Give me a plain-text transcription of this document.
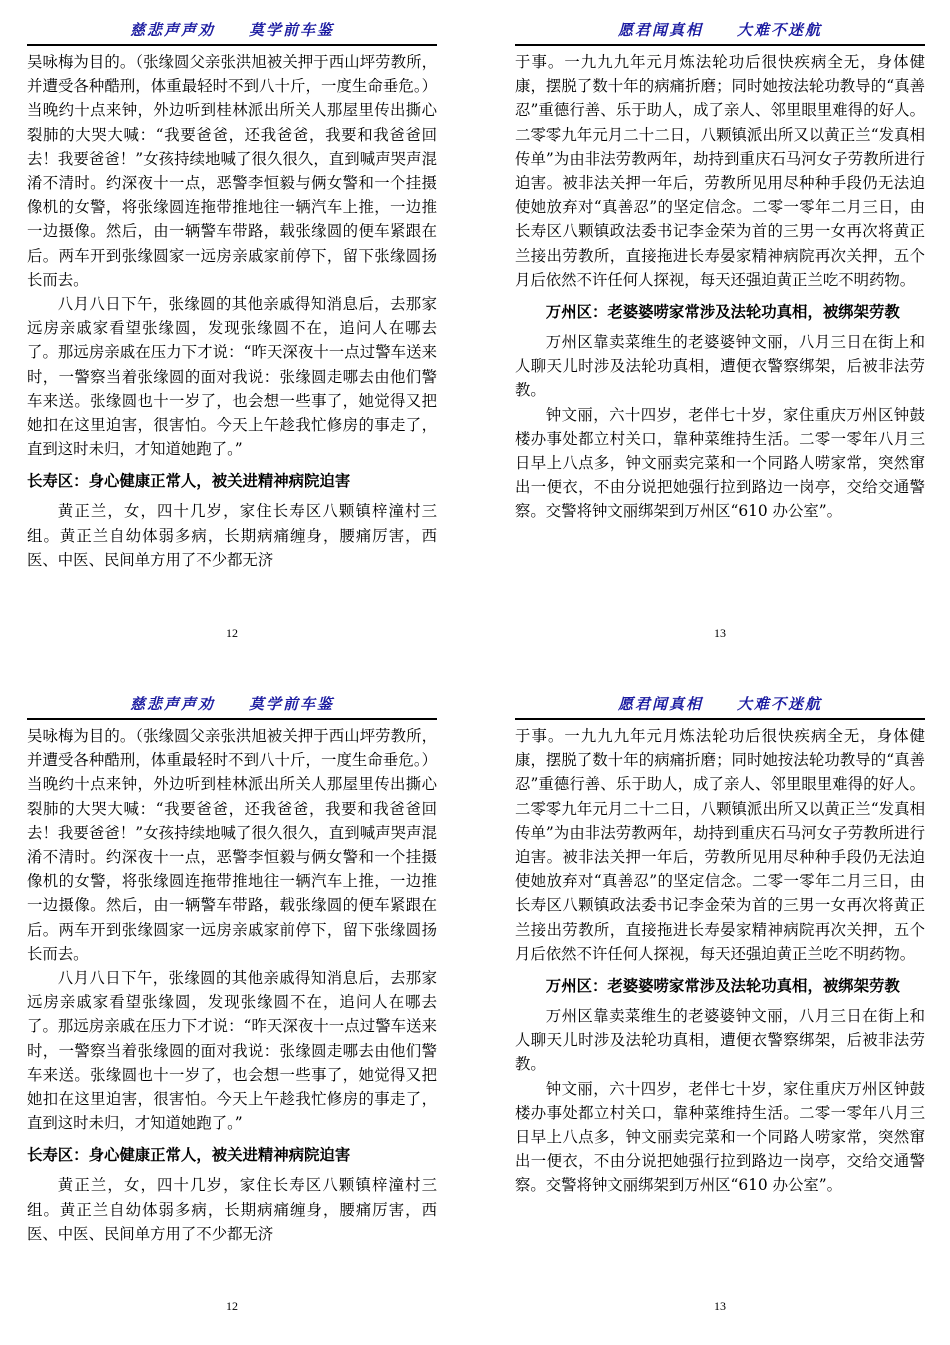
慈悲声声劝 莫学前车鉴

吴咏梅为目的。（张缘圆父亲张洪旭被关押于西山坪劳教所，并遭受各种酷刑，体重最轻时不到八十斤，一度生命垂危。）当晚约十点来钟，外边听到桂林派出所关人那屋里传出撕心裂肺的大哭大喊：“我要爸爸，还我爸爸，我要和我爸爸回去！我要爸爸！”女孩持续地喊了很久很久，直到喊声哭声混淆不清时。约深夜十一点，恶警李恒毅与俩女警和一个挂摄像机的女警，将张缘圆连拖带推地往一辆汽车上推，一边推一边摄像。然后，由一辆警车带路，载张缘圆的便车紧跟在后。两车开到张缘圆家一远房亲戚家前停下，留下张缘圆扬长而去。

八月八日下午，张缘圆的其他亲戚得知消息后，去那家远房亲戚家看望张缘圆，发现张缘圆不在，追问人在哪去了。那远房亲戚在压力下才说：“昨天深夜十一点过警车送来时，一警察当着张缘圆的面对我说：张缘圆走哪去由他们警车来送。张缘圆也十一岁了，也会想一些事了，她觉得又把她扣在这里迫害，很害怕。今天上午趁我忙修房的事走了，直到这时未归，才知道她跑了。”

长寿区：身心健康正常人，被关进精神病院迫害

黄正兰，女，四十几岁，家住长寿区八颗镇梓潼村三组。黄正兰自幼体弱多病，长期病痛缠身，腰痛厉害，西医、中医、民间单方用了不少都无济

12
愿君闻真相 大难不迷航

于事。一九九九年元月炼法轮功后很快疾病全无，身体健康，摆脱了数十年的病痛折磨；同时她按法轮功教导的“真善忍”重德行善、乐于助人，成了亲人、邻里眼里难得的好人。二零零九年元月二十二日，八颗镇派出所又以黄正兰“发真相传单”为由非法劳教两年，劫持到重庆石马河女子劳教所进行迫害。被非法关押一年后，劳教所见用尽种种手段仍无法迫使她放弃对“真善忍”的坚定信念。二零一零年二月三日，由长寿区八颗镇政法委书记李金荣为首的三男一女再次将黄正兰接出劳教所，直接拖进长寿晏家精神病院再次关押，五个月后依然不许任何人探视，每天还强迫黄正兰吃不明药物。

万州区：老婆婆唠家常涉及法轮功真相，被绑架劳教

万州区靠卖菜维生的老婆婆钟文丽，八月三日在街上和人聊天儿时涉及法轮功真相，遭便衣警察绑架，后被非法劳教。

钟文丽，六十四岁，老伴七十岁，家住重庆万州区钟鼓楼办事处都立村关口，靠种菜维持生活。二零一零年八月三日早上八点多，钟文丽卖完菜和一个同路人唠家常，突然窜出一便衣，不由分说把她强行拉到路边一岗亭，交给交通警察。交警将钟文丽绑架到万州区“610 办公室”。

13
慈悲声声劝 莫学前车鉴

吴咏梅为目的。（张缘圆父亲张洪旭被关押于西山坪劳教所，并遭受各种酷刑，体重最轻时不到八十斤，一度生命垂危。）当晚约十点来钟，外边听到桂林派出所关人那屋里传出撕心裂肺的大哭大喊：“我要爸爸，还我爸爸，我要和我爸爸回去！我要爸爸！”女孩持续地喊了很久很久，直到喊声哭声混淆不清时。约深夜十一点，恶警李恒毅与俩女警和一个挂摄像机的女警，将张缘圆连拖带推地往一辆汽车上推，一边推一边摄像。然后，由一辆警车带路，载张缘圆的便车紧跟在后。两车开到张缘圆家一远房亲戚家前停下，留下张缘圆扬长而去。

八月八日下午，张缘圆的其他亲戚得知消息后，去那家远房亲戚家看望张缘圆，发现张缘圆不在，追问人在哪去了。那远房亲戚在压力下才说：“昨天深夜十一点过警车送来时，一警察当着张缘圆的面对我说：张缘圆走哪去由他们警车来送。张缘圆也十一岁了，也会想一些事了，她觉得又把她扣在这里迫害，很害怕。今天上午趁我忙修房的事走了，直到这时未归，才知道她跑了。”

长寿区：身心健康正常人，被关进精神病院迫害

黄正兰，女，四十几岁，家住长寿区八颗镇梓潼村三组。黄正兰自幼体弱多病，长期病痛缠身，腰痛厉害，西医、中医、民间单方用了不少都无济

12
愿君闻真相 大难不迷航

于事。一九九九年元月炼法轮功后很快疾病全无，身体健康，摆脱了数十年的病痛折磨；同时她按法轮功教导的“真善忍”重德行善、乐于助人，成了亲人、邻里眼里难得的好人。二零零九年元月二十二日，八颗镇派出所又以黄正兰“发真相传单”为由非法劳教两年，劫持到重庆石马河女子劳教所进行迫害。被非法关押一年后，劳教所见用尽种种手段仍无法迫使她放弃对“真善忍”的坚定信念。二零一零年二月三日，由长寿区八颗镇政法委书记李金荣为首的三男一女再次将黄正兰接出劳教所，直接拖进长寿晏家精神病院再次关押，五个月后依然不许任何人探视，每天还强迫黄正兰吃不明药物。

万州区：老婆婆唠家常涉及法轮功真相，被绑架劳教

万州区靠卖菜维生的老婆婆钟文丽，八月三日在街上和人聊天儿时涉及法轮功真相，遭便衣警察绑架，后被非法劳教。

钟文丽，六十四岁，老伴七十岁，家住重庆万州区钟鼓楼办事处都立村关口，靠种菜维持生活。二零一零年八月三日早上八点多，钟文丽卖完菜和一个同路人唠家常，突然窜出一便衣，不由分说把她强行拉到路边一岗亭，交给交通警察。交警将钟文丽绑架到万州区“610 办公室”。

13
